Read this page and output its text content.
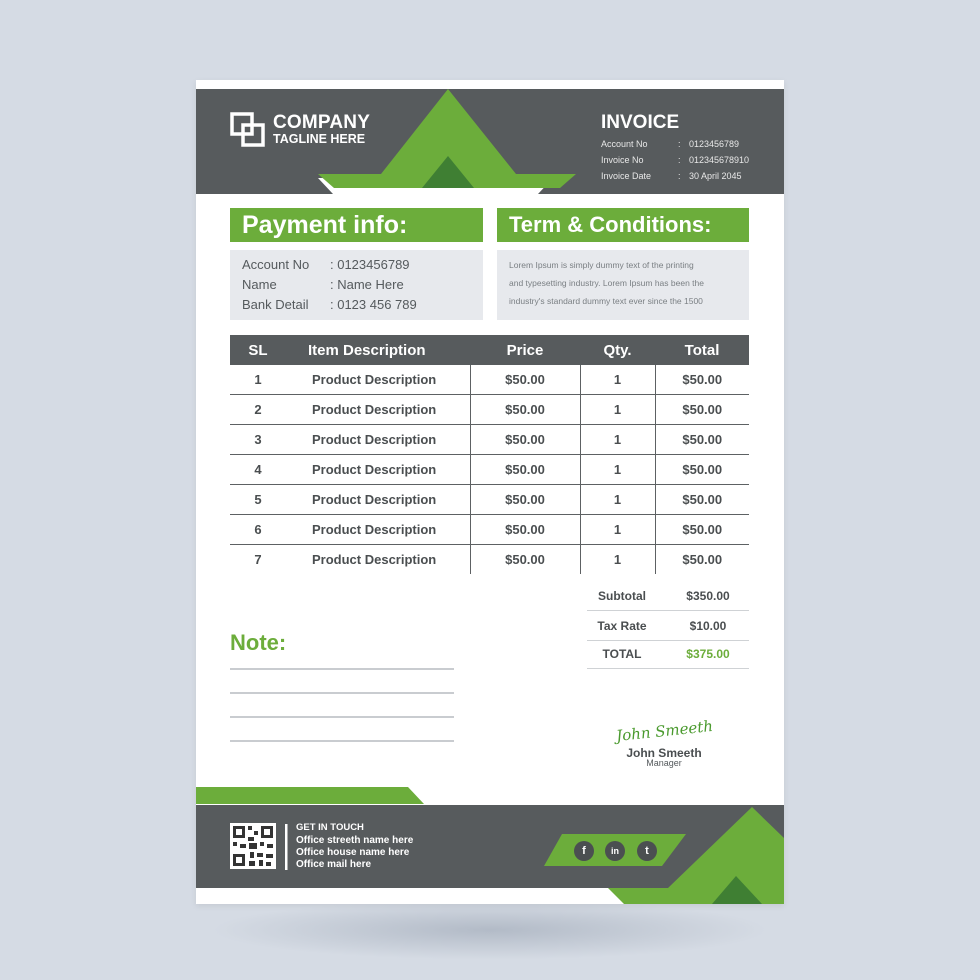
COMPANY
TAGLINE HERE
INVOICE
Account No	: 0123456789
Invoice No	: 012345678910
Invoice Date	: 30 April 2045
Payment info:
Account No : 0123456789
Name	: Name Here
Bank Detail : 0123 456 789
Term & Conditions:
Lorem Ipsum is simply dummy text of the printing
and typesetting industry. Lorem Ipsum has been the
industry's standard dummy text ever since the 1500
SL	Item Description	Price	Qty.	Total
1	Product Description	$50.00	1	$50.00
2	Product Description	$50.00	1	$50.00
3	Product Description	$50.00	1	$50.00
4	Product Description	$50.00	1	$50.00
5	Product Description	$50.00	1	$50.00
6	Product Description	$50.00	1	$50.00
7	Product Description	$50.00	1	$50.00
Subtotal	$350.00
Tax Rate	$10.00
TOTAL	$375.00
Note:
John Smeeth
John Smeeth
Manager
GET IN TOUCH
Office streeth name here
Office house name here
Office mail here
f	in	t
